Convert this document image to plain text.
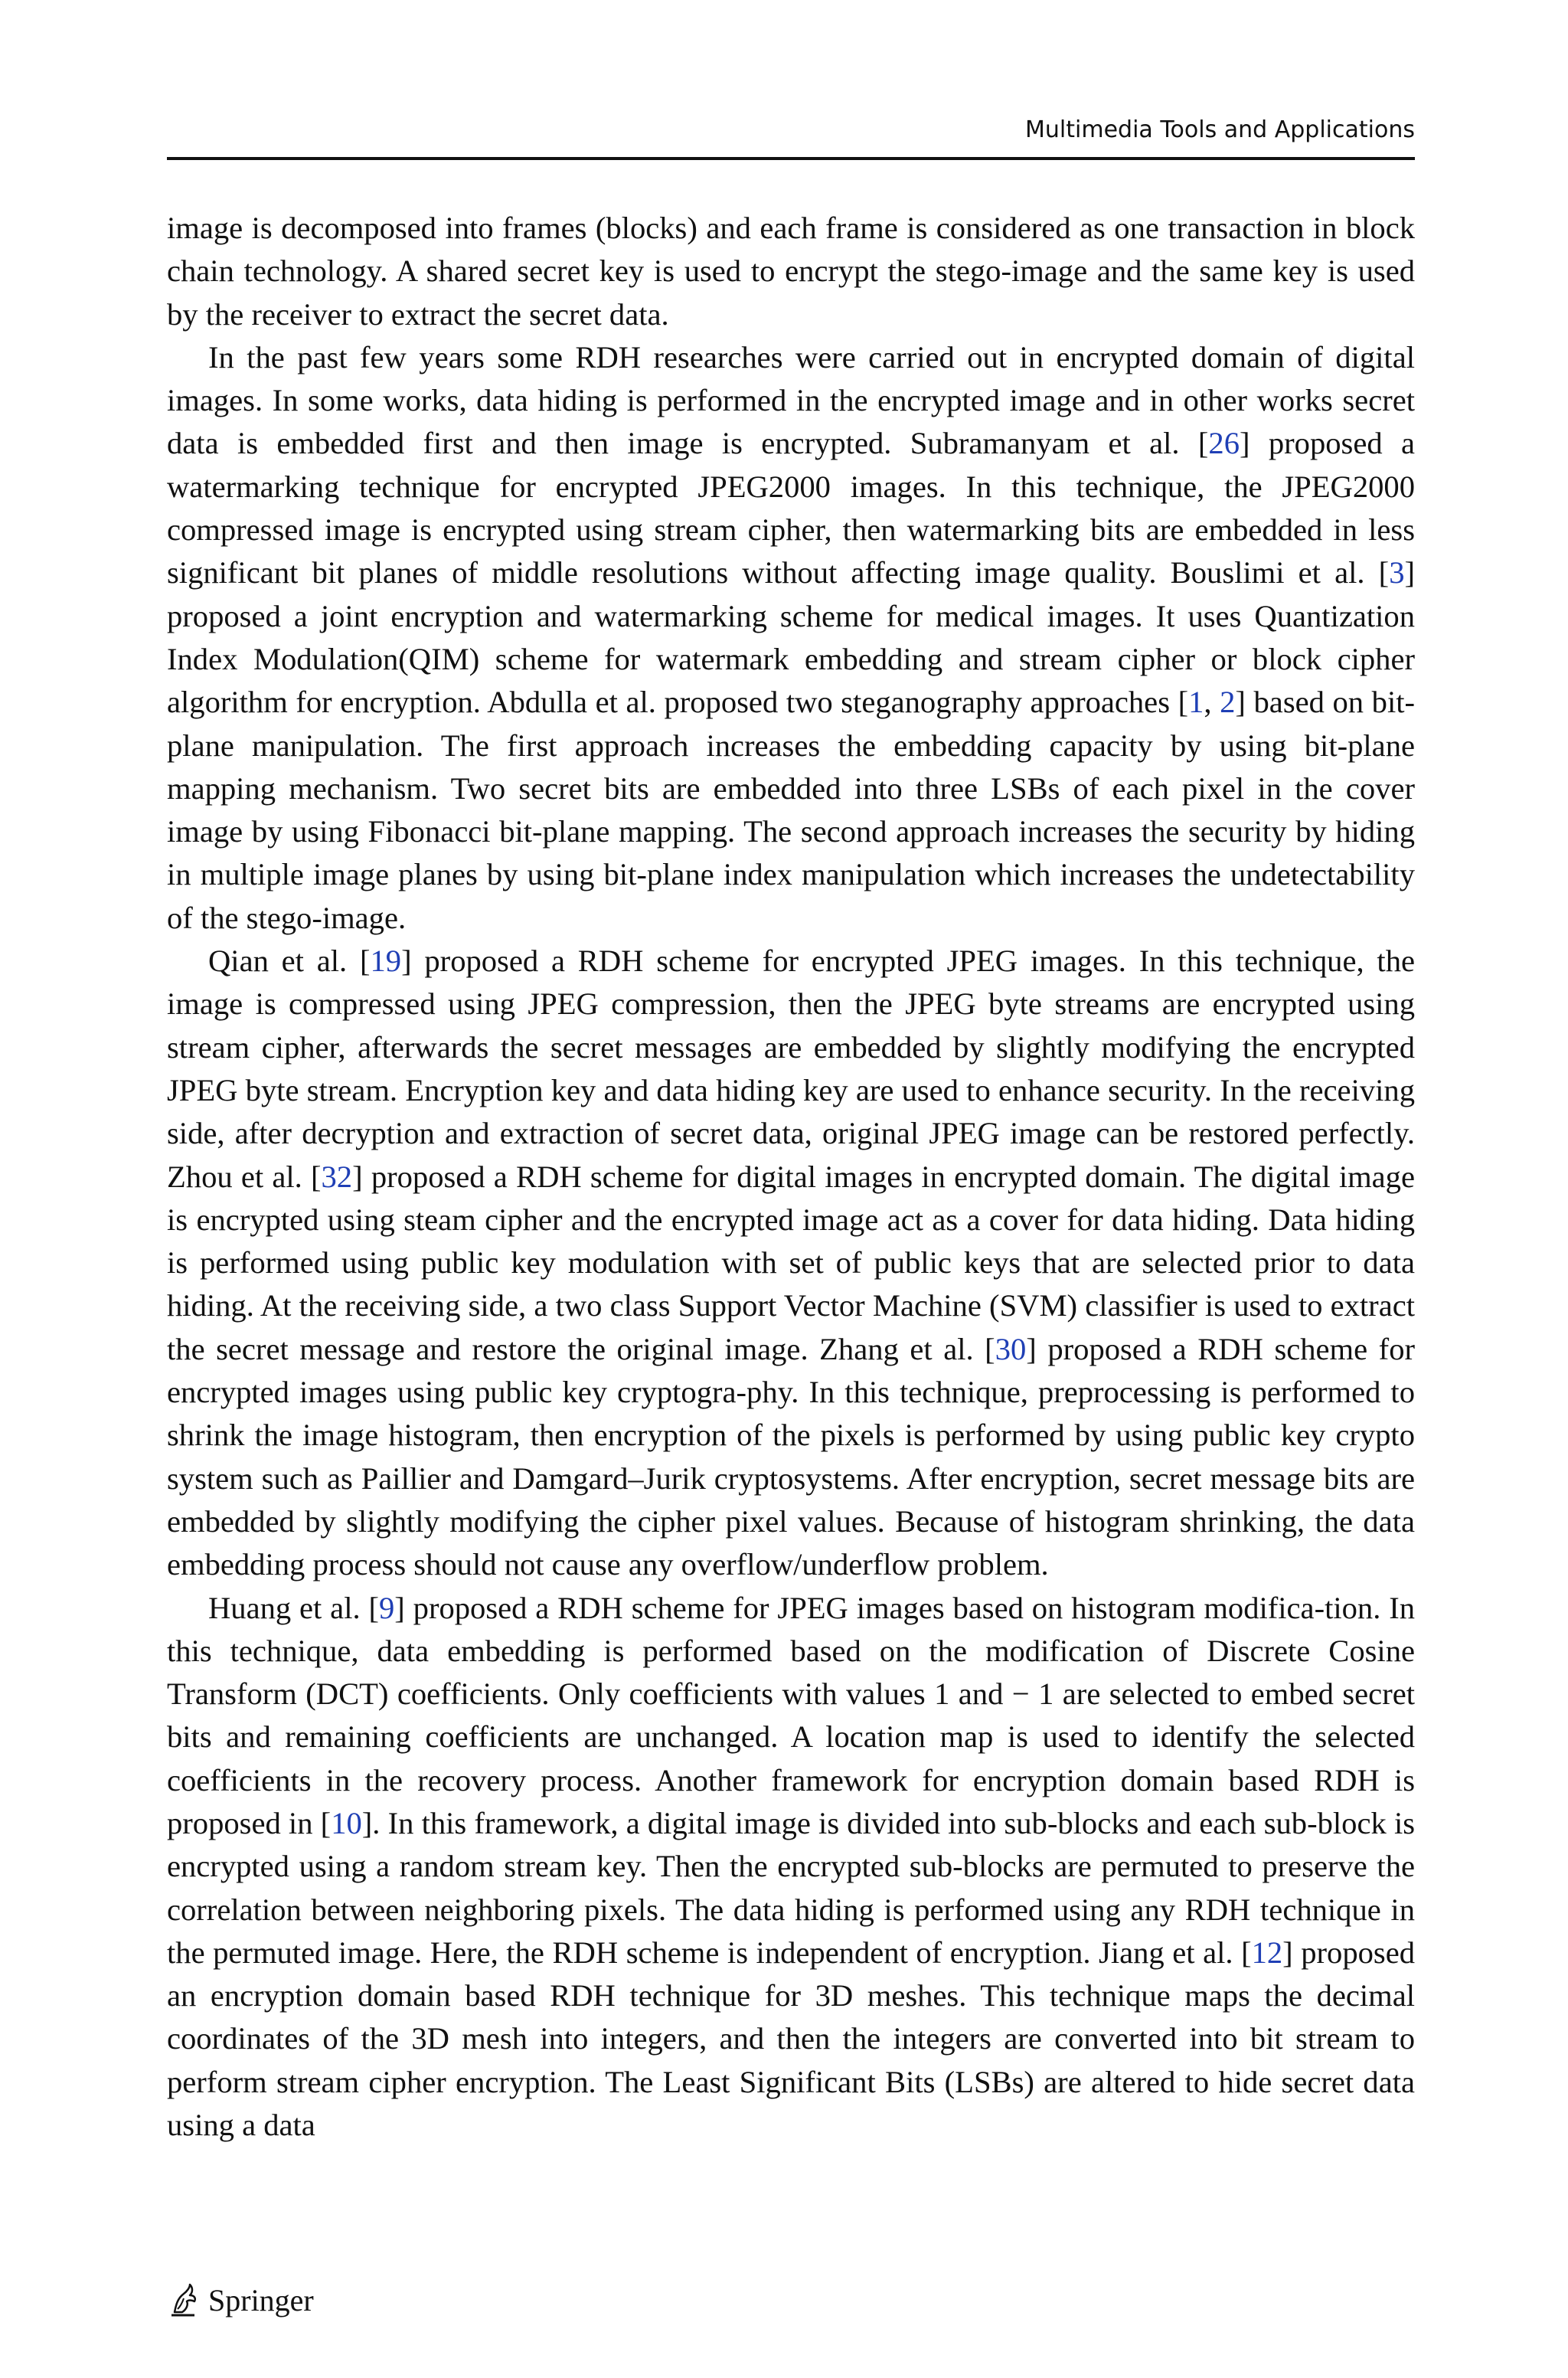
Multimedia Tools and Applications

image is decomposed into frames (blocks) and each frame is considered as one transaction in block chain technology. A shared secret key is used to encrypt the stego-image and the same key is used by the receiver to extract the secret data.

In the past few years some RDH researches were carried out in encrypted domain of digital images. In some works, data hiding is performed in the encrypted image and in other works secret data is embedded first and then image is encrypted. Subramanyam et al. [26] proposed a watermarking technique for encrypted JPEG2000 images. In this technique, the JPEG2000 compressed image is encrypted using stream cipher, then watermarking bits are embedded in less significant bit planes of middle resolutions without affecting image quality. Bouslimi et al. [3] proposed a joint encryption and watermarking scheme for medical images. It uses Quantization Index Modulation(QIM) scheme for watermark embedding and stream cipher or block cipher algorithm for encryption. Abdulla et al. proposed two steganography approaches [1, 2] based on bit-plane manipulation. The first approach increases the embedding capacity by using bit-plane mapping mechanism. Two secret bits are embedded into three LSBs of each pixel in the cover image by using Fibonacci bit-plane mapping. The second approach increases the security by hiding in multiple image planes by using bit-plane index manipulation which increases the undetectability of the stego-image.

Qian et al. [19] proposed a RDH scheme for encrypted JPEG images. In this technique, the image is compressed using JPEG compression, then the JPEG byte streams are encrypted using stream cipher, afterwards the secret messages are embedded by slightly modifying the encrypted JPEG byte stream. Encryption key and data hiding key are used to enhance security. In the receiving side, after decryption and extraction of secret data, original JPEG image can be restored perfectly. Zhou et al. [32] proposed a RDH scheme for digital images in encrypted domain. The digital image is encrypted using steam cipher and the encrypted image act as a cover for data hiding. Data hiding is performed using public key modulation with set of public keys that are selected prior to data hiding. At the receiving side, a two class Support Vector Machine (SVM) classifier is used to extract the secret message and restore the original image. Zhang et al. [30] proposed a RDH scheme for encrypted images using public key cryptogra-phy. In this technique, preprocessing is performed to shrink the image histogram, then encryption of the pixels is performed by using public key crypto system such as Paillier and Damgard–Jurik cryptosystems. After encryption, secret message bits are embedded by slightly modifying the cipher pixel values. Because of histogram shrinking, the data embedding process should not cause any overflow/underflow problem.

Huang et al. [9] proposed a RDH scheme for JPEG images based on histogram modifica-tion. In this technique, data embedding is performed based on the modification of Discrete Cosine Transform (DCT) coefficients. Only coefficients with values 1 and − 1 are selected to embed secret bits and remaining coefficients are unchanged. A location map is used to identify the selected coefficients in the recovery process. Another framework for encryption domain based RDH is proposed in [10]. In this framework, a digital image is divided into sub-blocks and each sub-block is encrypted using a random stream key. Then the encrypted sub-blocks are permuted to preserve the correlation between neighboring pixels. The data hiding is performed using any RDH technique in the permuted image. Here, the RDH scheme is independent of encryption. Jiang et al. [12] proposed an encryption domain based RDH technique for 3D meshes. This technique maps the decimal coordinates of the 3D mesh into integers, and then the integers are converted into bit stream to perform stream cipher encryption. The Least Significant Bits (LSBs) are altered to hide secret data using a data

Springer
